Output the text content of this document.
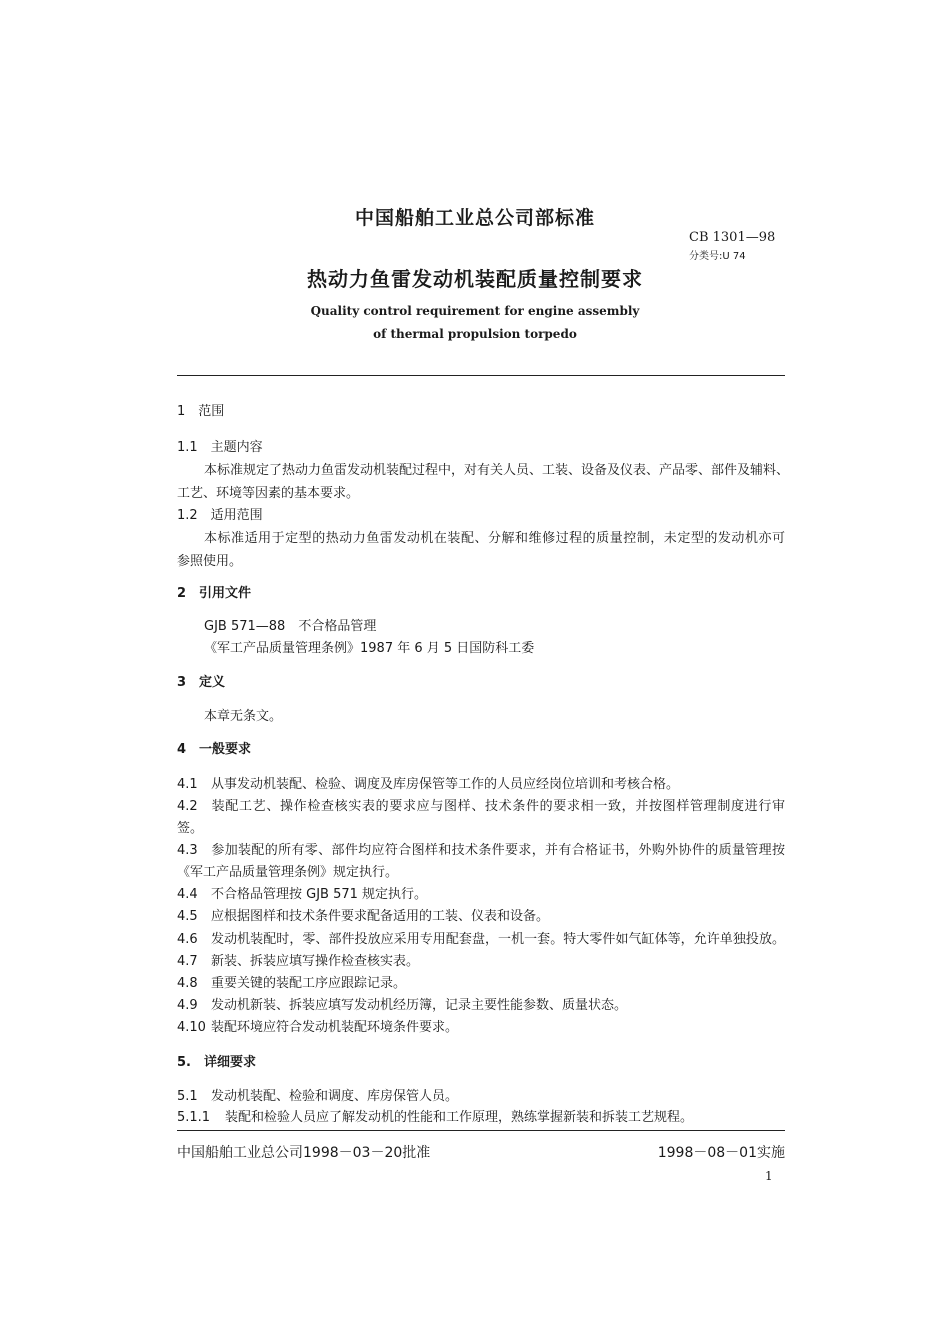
中国船舶工业总公司部标准
CB 1301—98
分类号:U 74
热动力鱼雷发动机装配质量控制要求
Quality control requirement for engine assembly
of thermal propulsion torpedo
1　范围
1.1　主题内容
本标准规定了热动力鱼雷发动机装配过程中，对有关人员、工装、设备及仪表、产品零、部件及辅料、
工艺、环境等因素的基本要求。
1.2　适用范围
本标准适用于定型的热动力鱼雷发动机在装配、分解和维修过程的质量控制，未定型的发动机亦可
参照使用。
2　引用文件
GJB 571—88　不合格品管理
《军工产品质量管理条例》1987 年 6 月 5 日国防科工委
3　定义
本章无条文。
4　一般要求
4.1 从事发动机装配、检验、调度及库房保管等工作的人员应经岗位培训和考核合格。
4.2 装配工艺、操作检查核实表的要求应与图样、技术条件的要求相一致，并按图样管理制度进行审
签。
4.3 参加装配的所有零、部件均应符合图样和技术条件要求，并有合格证书，外购外协件的质量管理按
《军工产品质量管理条例》规定执行。
4.4 不合格品管理按 GJB 571 规定执行。
4.5 应根据图样和技术条件要求配备适用的工装、仪表和设备。
4.6 发动机装配时，零、部件投放应采用专用配套盘，一机一套。特大零件如气缸体等，允许单独投放。
4.7 新装、拆装应填写操作检查核实表。
4.8 重要关键的装配工序应跟踪记录。
4.9 发动机新装、拆装应填写发动机经历簿，记录主要性能参数、质量状态。
4.10 装配环境应符合发动机装配环境条件要求。
5.　详细要求
5.1 发动机装配、检验和调度、库房保管人员。
5.1.1 装配和检验人员应了解发动机的性能和工作原理，熟练掌握新装和拆装工艺规程。
中国船舶工业总公司1998－03－20批准	1998－08－01实施
1
